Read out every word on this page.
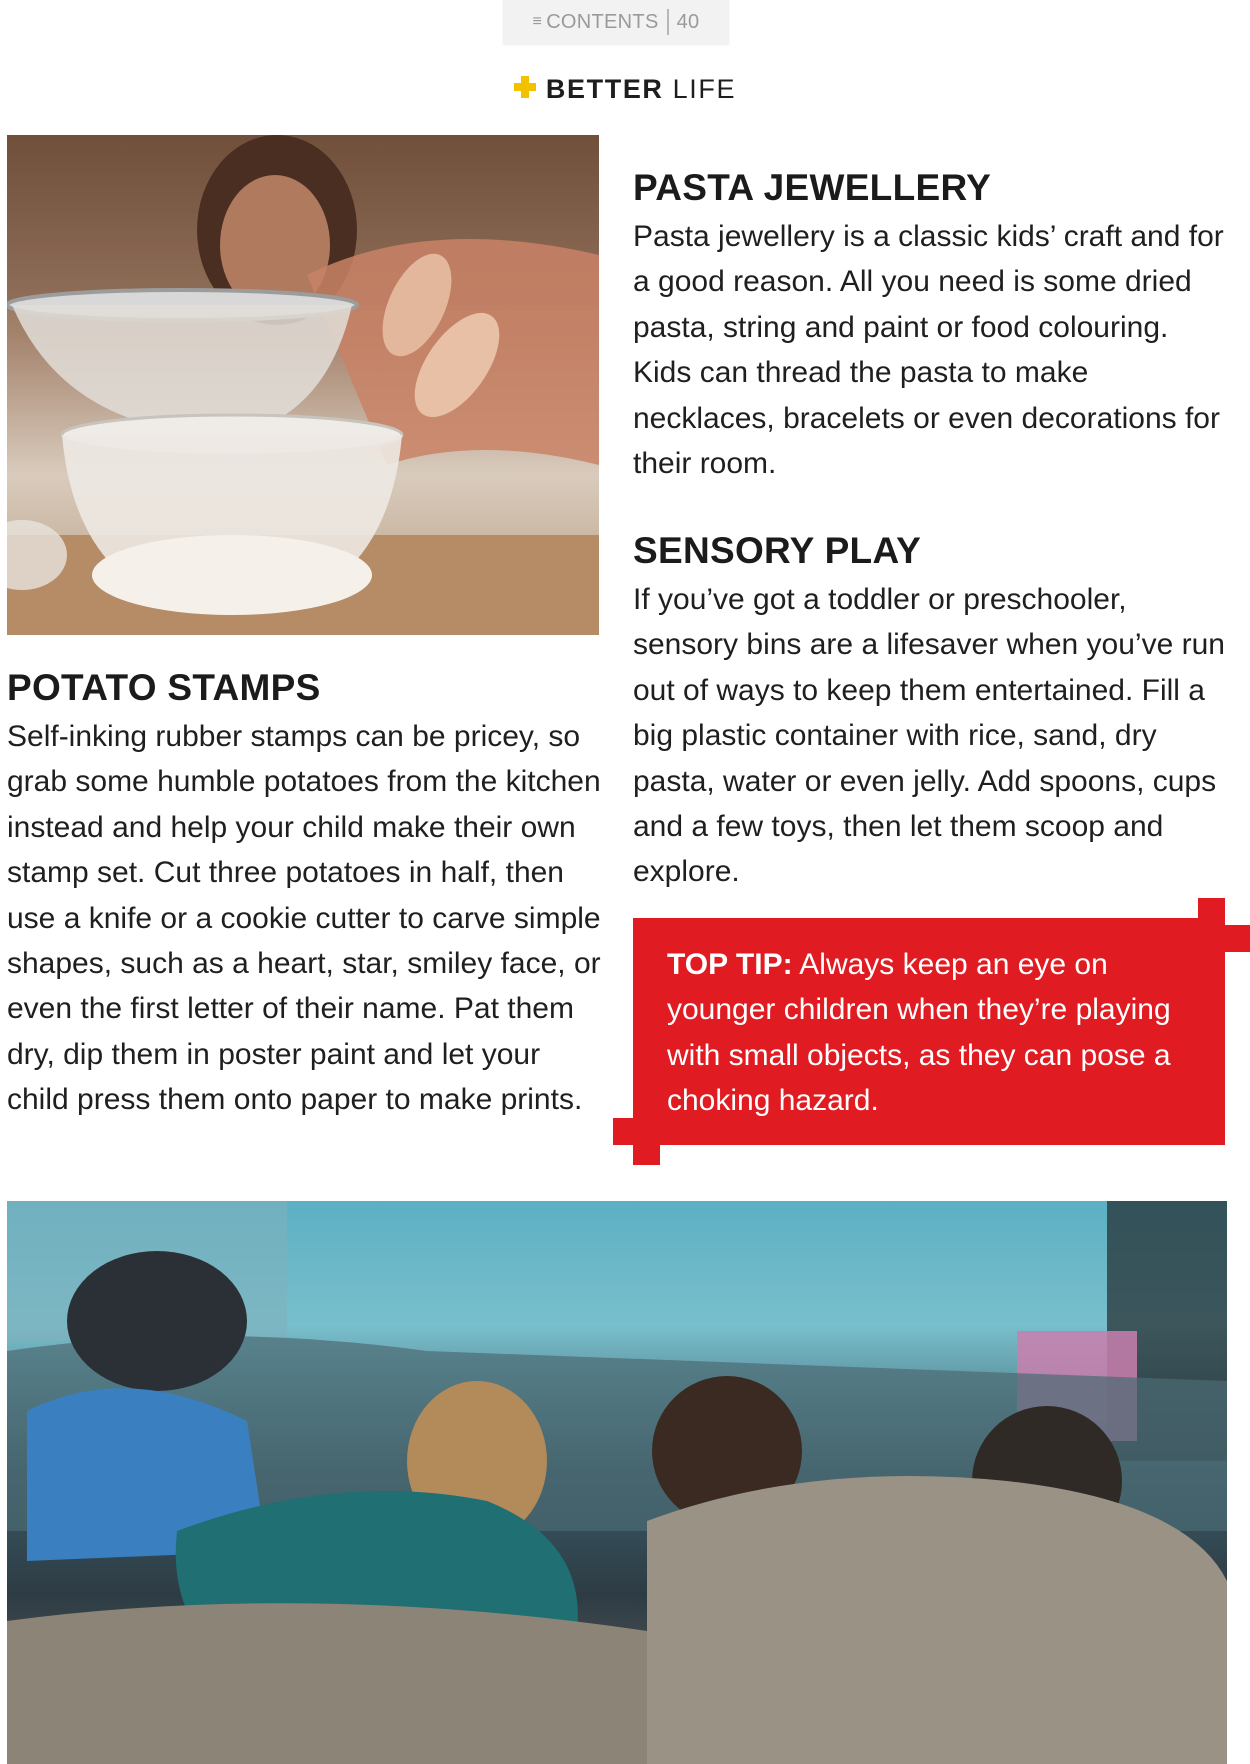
≡ CONTENTS 40
BETTER LIFE
PASTA JEWELLERY

Pasta jewellery is a classic kids’ craft and for a good reason. All you need is some dried pasta, string and paint or food colouring. Kids can thread the pasta to make necklaces, bracelets or even decorations for their room.

SENSORY PLAY

If you’ve got a toddler or preschooler, sensory bins are a lifesaver when you’ve run out of ways to keep them entertained. Fill a big plastic container with rice, sand, dry pasta, water or even jelly. Add spoons, cups and a few toys, then let them scoop and explore.

POTATO STAMPS

Self-inking rubber stamps can be pricey, so grab some humble potatoes from the kitchen instead and help your child make their own stamp set. Cut three potatoes in half, then use a knife or a cookie cutter to carve simple shapes, such as a heart, star, smiley face, or even the first letter of their name. Pat them dry, dip them in poster paint and let your child press them onto paper to make prints.

TOP TIP: Always keep an eye on younger children when they’re playing with small objects, as they can pose a choking hazard.
